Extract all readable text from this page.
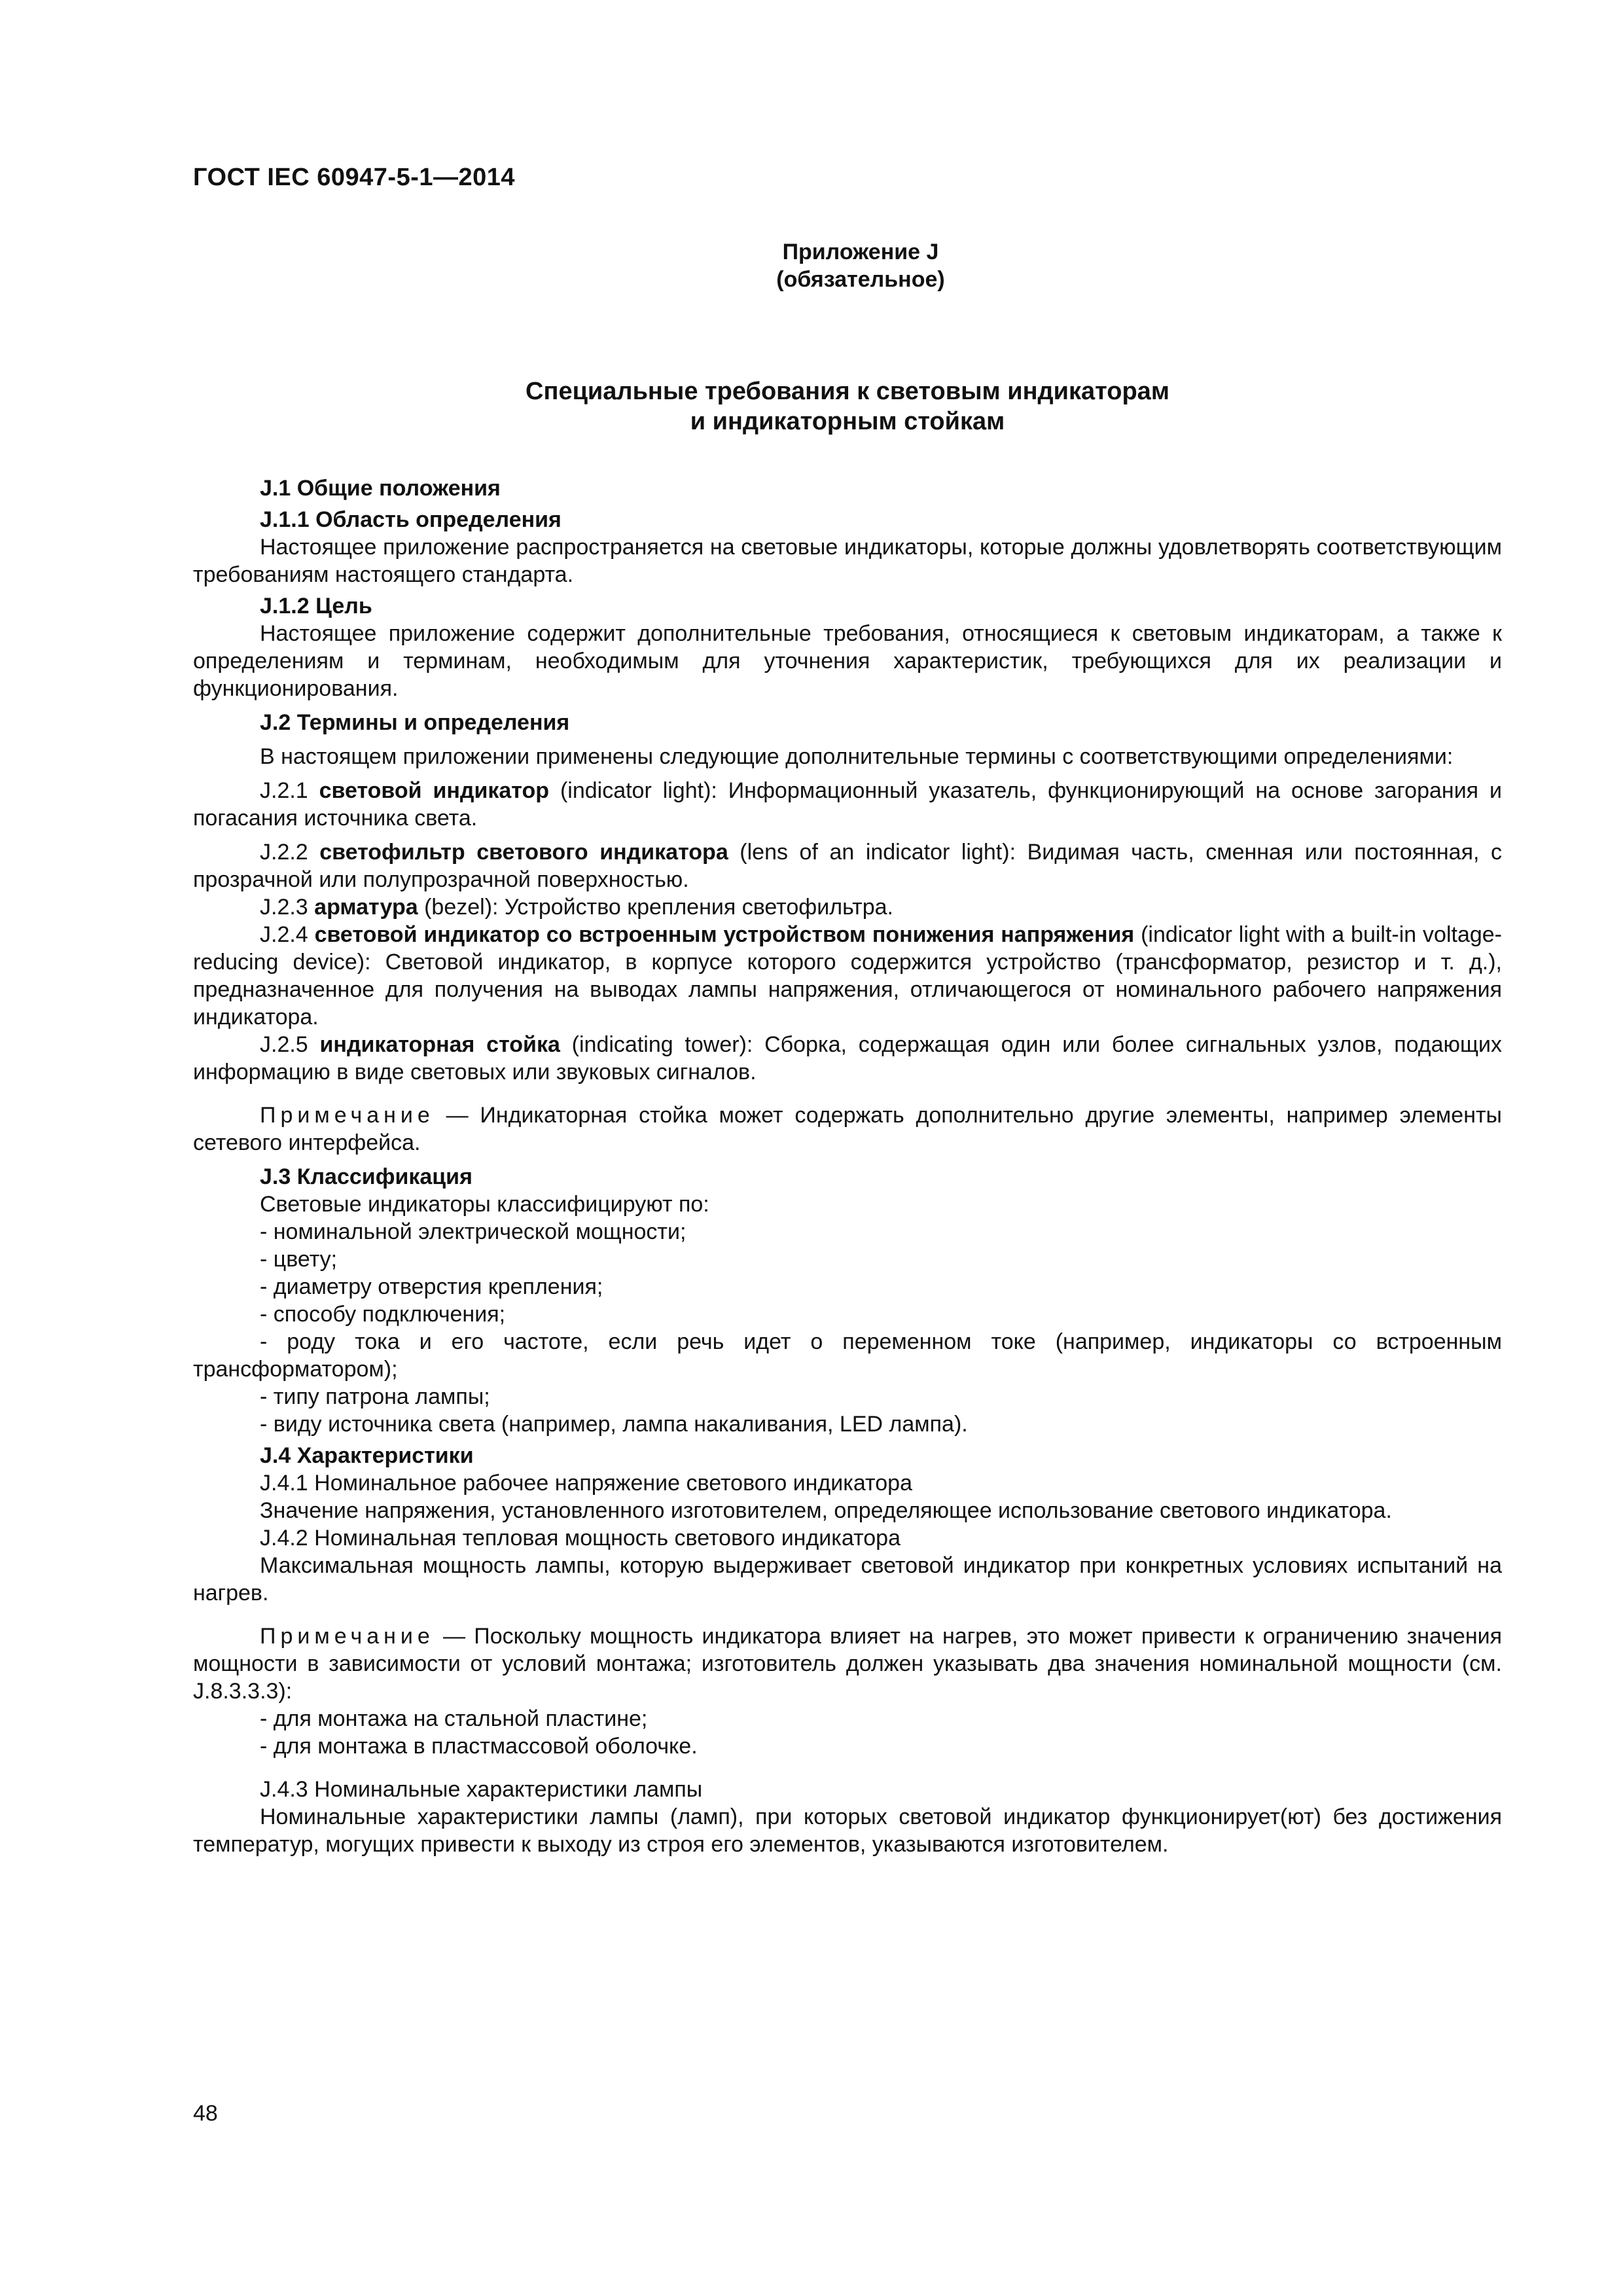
ГОСТ IEC 60947-5-1—2014
Приложение J
(обязательное)
Специальные требования к световым индикаторам
и индикаторным стойкам

J.1 Общие положения

J.1.1 Область определения

Настоящее приложение распространяется на световые индикаторы, которые должны удовлетворять соответствующим требованиям настоящего стандарта.

J.1.2 Цель

Настоящее приложение содержит дополнительные требования, относящиеся к световым индикаторам, а также к определениям и терминам, необходимым для уточнения характеристик, требующихся для их реализации и функционирования.

J.2 Термины и определения

В настоящем приложении применены следующие дополнительные термины с соответствующими определениями:

J.2.1 световой индикатор (indicator light): Информационный указатель, функционирующий на основе загорания и погасания источника света.

J.2.2 светофильтр светового индикатора (lens of an indicator light): Видимая часть, сменная или постоянная, с прозрачной или полупрозрачной поверхностью.

J.2.3 арматура (bezel): Устройство крепления светофильтра.

J.2.4 световой индикатор со встроенным устройством понижения напряжения (indicator light with a built-in voltage-reducing device): Световой индикатор, в корпусе которого содержится устройство (трансформатор, резистор и т. д.), предназначенное для получения на выводах лампы напряжения, отличающегося от номинального рабочего напряжения индикатора.

J.2.5 индикаторная стойка (indicating tower): Сборка, содержащая один или более сигнальных узлов, подающих информацию в виде световых или звуковых сигналов.

Примечание — Индикаторная стойка может содержать дополнительно другие элементы, например элементы сетевого интерфейса.

J.3 Классификация

Световые индикаторы классифицируют по:

- номинальной электрической мощности;

- цвету;

- диаметру отверстия крепления;

- способу подключения;

- роду тока и его частоте, если речь идет о переменном токе (например, индикаторы со встроенным трансформатором);

- типу патрона лампы;

- виду источника света (например, лампа накаливания, LED лампа).

J.4 Характеристики

J.4.1 Номинальное рабочее напряжение светового индикатора

Значение напряжения, установленного изготовителем, определяющее использование светового индикатора.

J.4.2 Номинальная тепловая мощность светового индикатора

Максимальная мощность лампы, которую выдерживает световой индикатор при конкретных условиях испытаний на нагрев.

Примечание — Поскольку мощность индикатора влияет на нагрев, это может привести к ограничению значения мощности в зависимости от условий монтажа; изготовитель должен указывать два значения номинальной мощности (см. J.8.3.3.3):

- для монтажа на стальной пластине;

- для монтажа в пластмассовой оболочке.

J.4.3 Номинальные характеристики лампы

Номинальные характеристики лампы (ламп), при которых световой индикатор функционирует(ют) без достижения температур, могущих привести к выходу из строя его элементов, указываются изготовителем.

48
